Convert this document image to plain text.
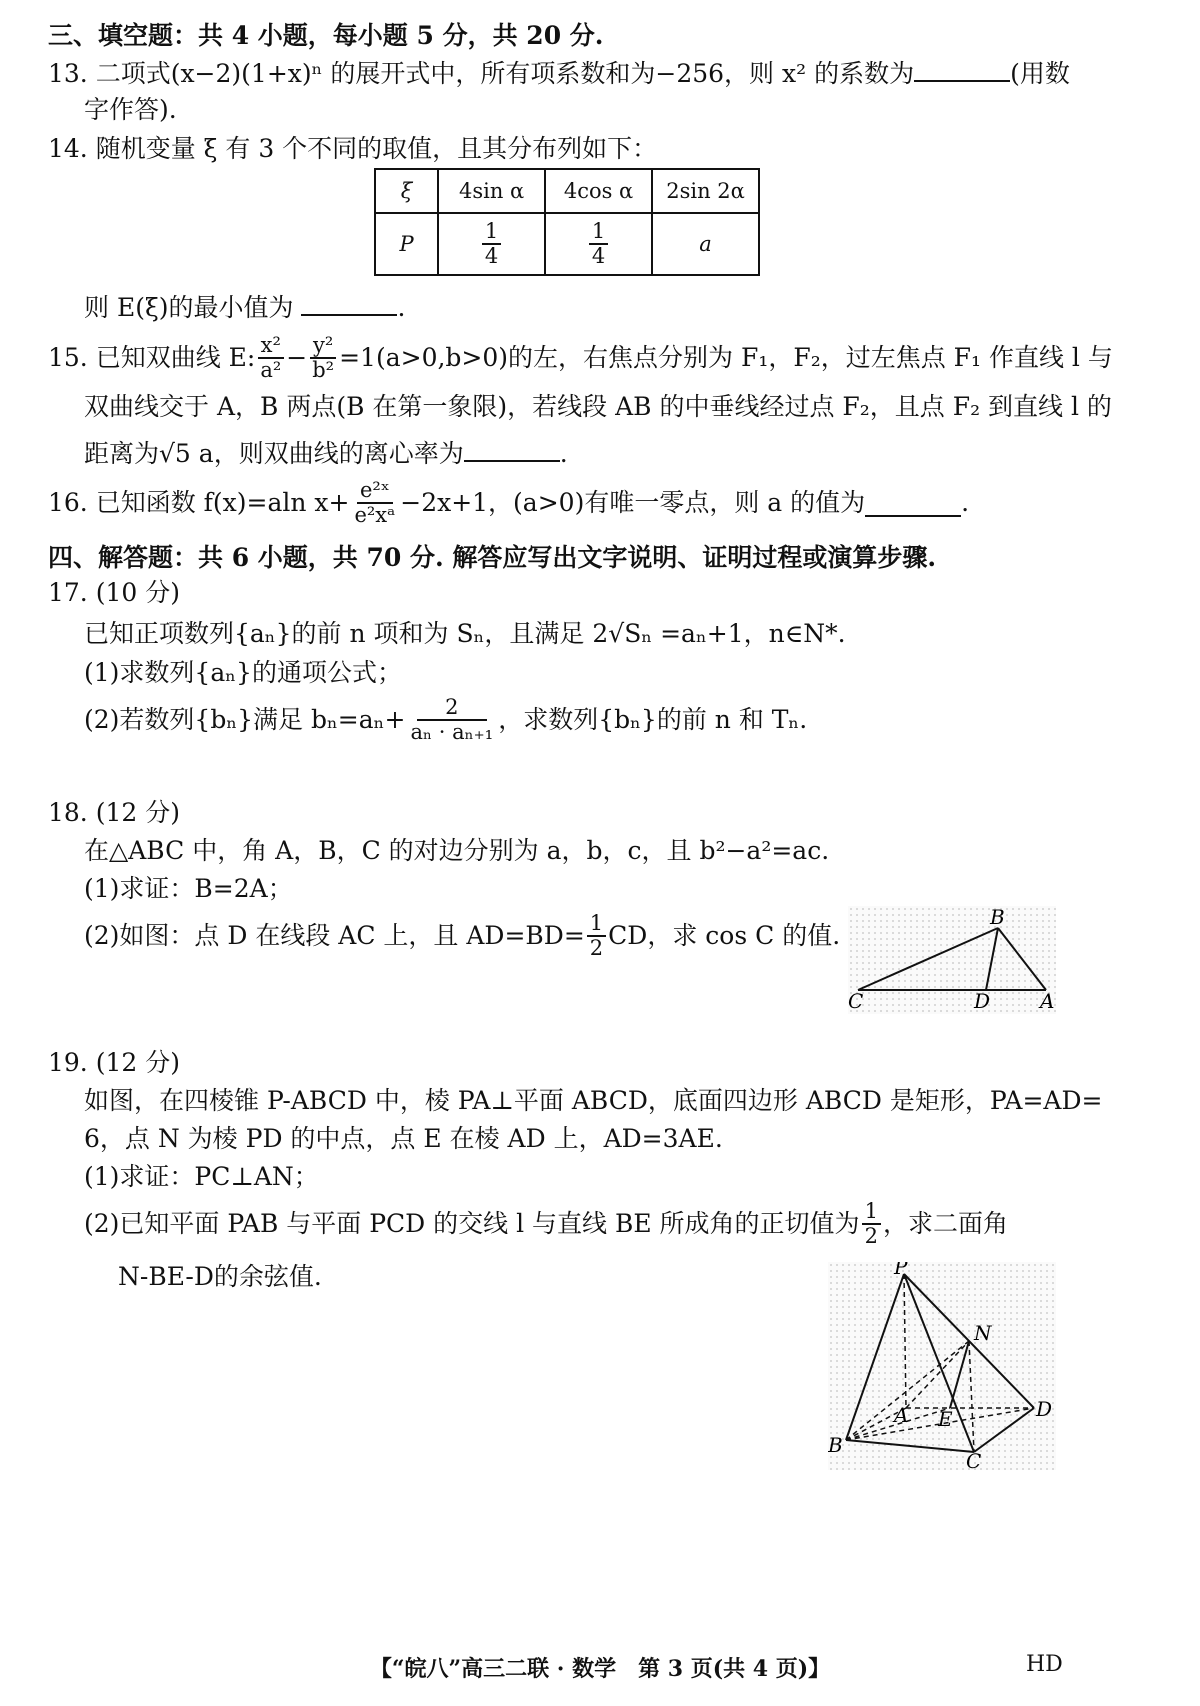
三、填空题：共 4 小题，每小题 5 分，共 20 分.
13. 二项式(x−2)(1+x)ⁿ 的展开式中，所有项系数和为−256，则 x² 的系数为	(用数
字作答).
14. 随机变量 ξ 有 3 个不同的取值，且其分布列如下：
ξ	4sin α	4cos α	2sin 2α
P	$\frac{1}{4}$	$\frac{1}{4}$	a
则 E(ξ)的最小值为	.
15. 已知双曲线 E: $\frac{\text{x²}}{\text{a²}} - \frac{\text{y²}}{\text{b²}} =1(a>0,b>0)$的左，右焦点分别为 F₁，F₂，过左焦点 F₁ 作直线 l 与
双曲线交于 A，B 两点(B 在第一象限)，若线段 AB 的中垂线经过点 F₂，且点 F₂ 到直线 l 的
距离为√5 a，则双曲线的离心率为	.
16. 已知函数 f(x)=aln $x+ \frac{\text{e²ˣ}}{\text{e²xᵃ}} -2x+1$，(a>0)有唯一零点，则 a 的值为	.
四、解答题：共 6 小题，共 70 分. 解答应写出文字说明、证明过程或演算步骤.
17. (10 分)
已知正项数列{aₙ}的前 n 项和为 Sₙ，且满足 2√Sₙ =aₙ+1，n∈N*.
(1)求数列{aₙ}的通项公式；
(2)若数列{bₙ}满足 $b_n=a_n+ \frac{2}{\text{aₙ · aₙ₊₁}}$ ，求数列{bₙ}的前 n 和 Tₙ.
18. (12 分)
在△ABC 中，角 A，B，C 的对边分别为 a，b，c，且 b²−a²=ac.
(1)求证：B=2A；
(2)如图：点 D 在线段 AC 上，且 $AD=BD= \frac{1}{2}$ CD，求 cos C 的值.
B
C	D A
19. (12 分)
如图，在四棱锥 P-ABCD 中，棱 PA⊥平面 ABCD，底面四边形 ABCD 是矩形，PA=AD=
6，点 N 为棱 PD 的中点，点 E 在棱 AD 上，AD=3AE.
(1)求证：PC⊥AN；
(2)已知平面 PAB 与平面 PCD 的交线 l 与直线 BE 所成角的正切值为 $\frac{1}{2}$ ，求二面角
N-BE-D的余弦值.	P
N
A E	D
B
C
【“皖八”高三二联 · 数学　第 3 页(共 4 页)】	HD
